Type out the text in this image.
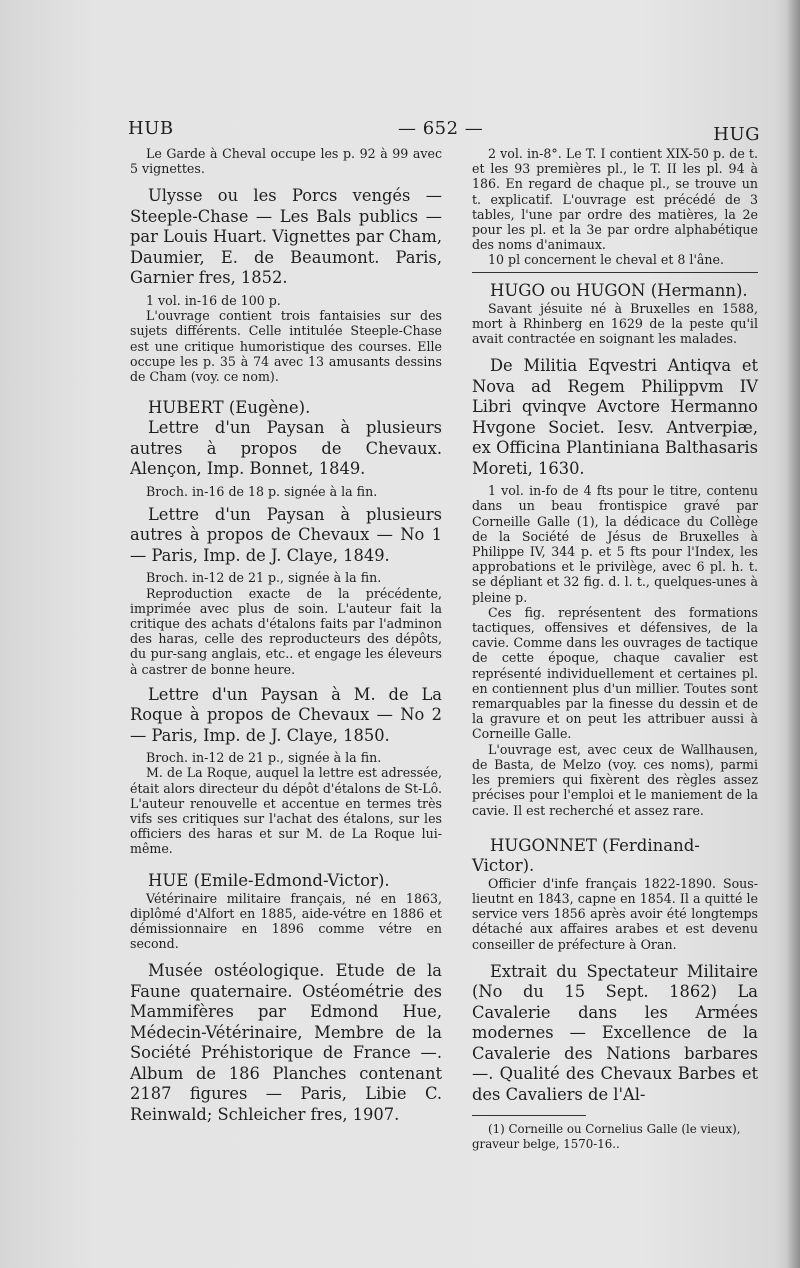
HUB	— 652 —	HUG

Le Garde à Cheval occupe les p. 92 à 99 avec 5 vignettes.

Ulysse ou les Porcs vengés — Steeple-Chase — Les Bals publics — par Louis Huart. Vignettes par Cham, Daumier, E. de Beaumont. Paris, Garnier fres, 1852.

1 vol. in-16 de 100 p.

L'ouvrage contient trois fantaisies sur des sujets différents. Celle intitulée Steeple-Chase est une critique humoristique des courses. Elle occupe les p. 35 à 74 avec 13 amusants dessins de Cham (voy. ce nom).

HUBERT (Eugène).

Lettre d'un Paysan à plusieurs autres à propos de Chevaux. Alençon, Imp. Bonnet, 1849.

Broch. in-16 de 18 p. signée à la fin.

Lettre d'un Paysan à plusieurs autres à propos de Chevaux — No 1 — Paris, Imp. de J. Claye, 1849.

Broch. in-12 de 21 p., signée à la fin.

Reproduction exacte de la précédente, imprimée avec plus de soin. L'auteur fait la critique des achats d'étalons faits par l'adminon des haras, celle des reproducteurs des dépôts, du pur-sang anglais, etc.. et engage les éleveurs à castrer de bonne heure.

Lettre d'un Paysan à M. de La Roque à propos de Chevaux — No 2 — Paris, Imp. de J. Claye, 1850.

Broch. in-12 de 21 p., signée à la fin.

M. de La Roque, auquel la lettre est adressée, était alors directeur du dépôt d'étalons de St-Lô. L'auteur renouvelle et accentue en termes très vifs ses critiques sur l'achat des étalons, sur les officiers des haras et sur M. de La Roque lui-même.

HUE (Emile-Edmond-Victor).

Vétérinaire militaire français, né en 1863, diplômé d'Alfort en 1885, aide-vétre en 1886 et démissionnaire en 1896 comme vétre en second.

Musée ostéologique. Etude de la Faune quaternaire. Ostéométrie des Mammifères par Edmond Hue, Médecin-Vétérinaire, Membre de la Société Préhistorique de France —. Album de 186 Planches contenant 2187 figures — Paris, Libie C. Reinwald; Schleicher fres, 1907.

2 vol. in-8°. Le T. I contient XIX-50 p. de t. et les 93 premières pl., le T. II les pl. 94 à 186. En regard de chaque pl., se trouve un t. explicatif. L'ouvrage est précédé de 3 tables, l'une par ordre des matières, la 2e pour les pl. et la 3e par ordre alphabétique des noms d'animaux.

10 pl concernent le cheval et 8 l'âne.

HUGO ou HUGON (Hermann).

Savant jésuite né à Bruxelles en 1588, mort à Rhinberg en 1629 de la peste qu'il avait contractée en soignant les malades.

De Militia Eqvestri Antiqva et Nova ad Regem Philippvm IV Libri qvinqve Avctore Hermanno Hvgone Societ. Iesv. Antverpiæ, ex Officina Plantiniana Balthasaris Moreti, 1630.

1 vol. in-fo de 4 fts pour le titre, contenu dans un beau frontispice gravé par Corneille Galle (1), la dédicace du Collège de la Société de Jésus de Bruxelles à Philippe IV, 344 p. et 5 fts pour l'Index, les approbations et le privilège, avec 6 pl. h. t. se dépliant et 32 fig. d. l. t., quelques-unes à pleine p.

Ces fig. représentent des formations tactiques, offensives et défensives, de la cavie. Comme dans les ouvrages de tactique de cette époque, chaque cavalier est représenté individuellement et certaines pl. en contiennent plus d'un millier. Toutes sont remarquables par la finesse du dessin et de la gravure et on peut les attribuer aussi à Corneille Galle.

L'ouvrage est, avec ceux de Wallhausen, de Basta, de Melzo (voy. ces noms), parmi les premiers qui fixèrent des règles assez précises pour l'emploi et le maniement de la cavie. Il est recherché et assez rare.

HUGONNET (Ferdinand-Victor).

Officier d'infe français 1822-1890. Sous-lieutnt en 1843, capne en 1854. Il a quitté le service vers 1856 après avoir été longtemps détaché aux affaires arabes et est devenu conseiller de préfecture à Oran.

Extrait du Spectateur Militaire (No du 15 Sept. 1862) La Cavalerie dans les Armées modernes — Excellence de la Cavalerie des Nations barbares —. Qualité des Chevaux Barbes et des Cavaliers de l'Al-

(1) Corneille ou Cornelius Galle (le vieux), graveur belge, 1570-16..
